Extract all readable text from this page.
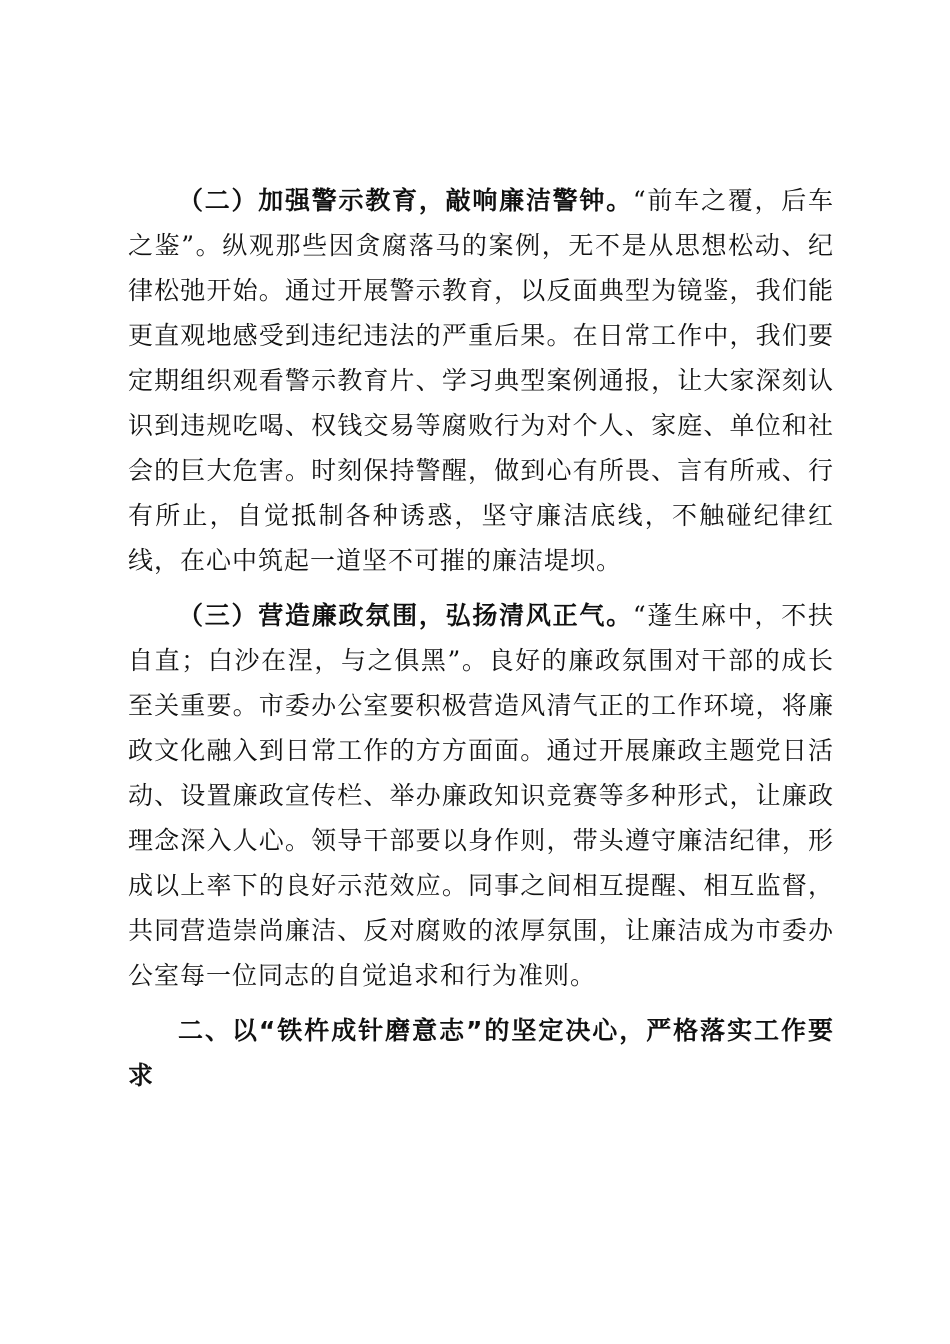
（二）加强警示教育，敲响廉洁警钟。“前车之覆，后车之鉴”。纵观那些因贪腐落马的案例，无不是从思想松动、纪律松弛开始。通过开展警示教育，以反面典型为镜鉴，我们能更直观地感受到违纪违法的严重后果。在日常工作中，我们要定期组织观看警示教育片、学习典型案例通报，让大家深刻认识到违规吃喝、权钱交易等腐败行为对个人、家庭、单位和社会的巨大危害。时刻保持警醒，做到心有所畏、言有所戒、行有所止，自觉抵制各种诱惑，坚守廉洁底线，不触碰纪律红线，在心中筑起一道坚不可摧的廉洁堤坝。

（三）营造廉政氛围，弘扬清风正气。“蓬生麻中，不扶自直；白沙在涅，与之俱黑”。良好的廉政氛围对干部的成长至关重要。市委办公室要积极营造风清气正的工作环境，将廉政文化融入到日常工作的方方面面。通过开展廉政主题党日活动、设置廉政宣传栏、举办廉政知识竞赛等多种形式，让廉政理念深入人心。领导干部要以身作则，带头遵守廉洁纪律，形成以上率下的良好示范效应。同事之间相互提醒、相互监督，共同营造崇尚廉洁、反对腐败的浓厚氛围，让廉洁成为市委办公室每一位同志的自觉追求和行为准则。

二、以“铁杵成针磨意志”的坚定决心，严格落实工作要求
